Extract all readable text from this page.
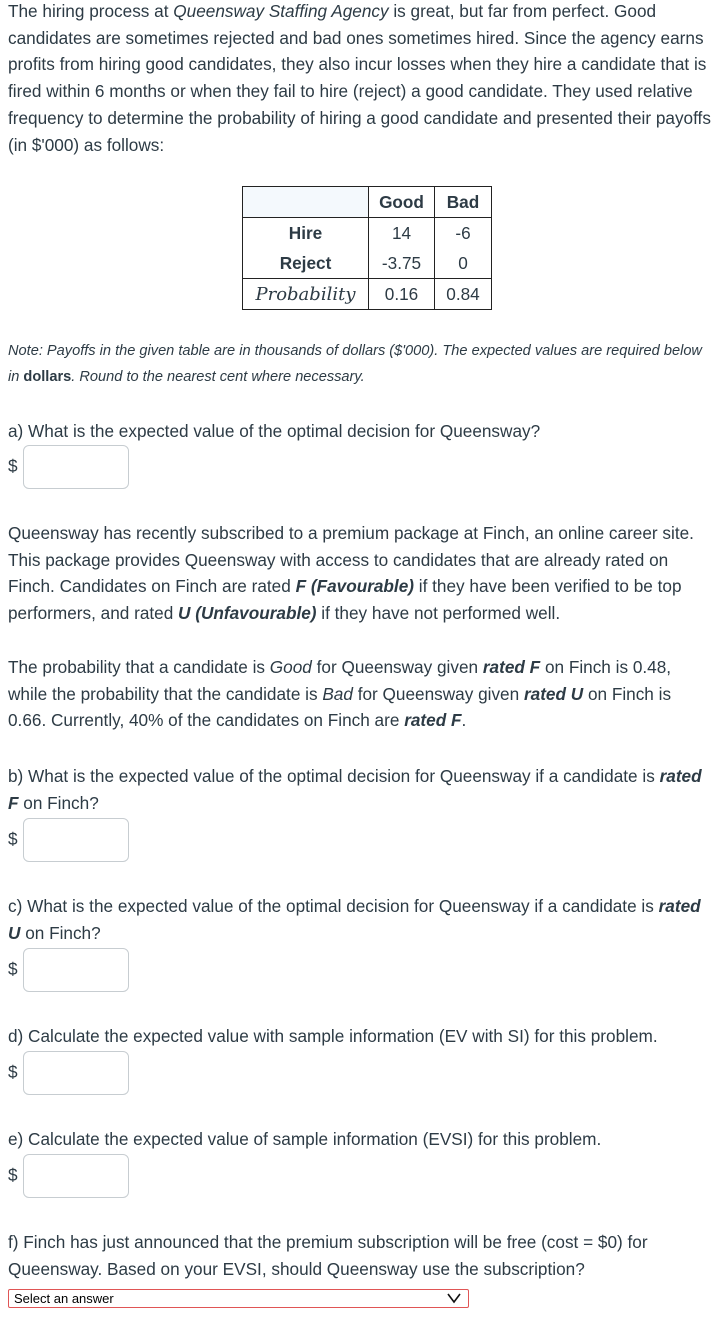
The hiring process at Queensway Staffing Agency is great, but far from perfect. Good candidates are sometimes rejected and bad ones sometimes hired. Since the agency earns profits from hiring good candidates, they also incur losses when they hire a candidate that is fired within 6 months or when they fail to hire (reject) a good candidate. They used relative frequency to determine the probability of hiring a good candidate and presented their payoffs (in $'000) as follows:

	Good	Bad
Hire	14	-6
Reject	-3.75	0
Probability	0.16	0.84
Note: Payoffs in the given table are in thousands of dollars ($'000). The expected values are required below in dollars. Round to the nearest cent where necessary.
a) What is the expected value of the optimal decision for Queensway?
$

Queensway has recently subscribed to a premium package at Finch, an online career site. This package provides Queensway with access to candidates that are already rated on Finch. Candidates on Finch are rated F (Favourable) if they have been verified to be top performers, and rated U (Unfavourable) if they have not performed well.

The probability that a candidate is Good for Queensway given rated F on Finch is 0.48, while the probability that the candidate is Bad for Queensway given rated U on Finch is 0.66. Currently, 40% of the candidates on Finch are rated F.

b) What is the expected value of the optimal decision for Queensway if a candidate is rated F on Finch?

$

c) What is the expected value of the optimal decision for Queensway if a candidate is rated U on Finch?

$
d) Calculate the expected value with sample information (EV with SI) for this problem.
$
e) Calculate the expected value of sample information (EVSI) for this problem.
$
f) Finch has just announced that the premium subscription will be free (cost = $0) for Queensway. Based on your EVSI, should Queensway use the subscription?
Select an answer
